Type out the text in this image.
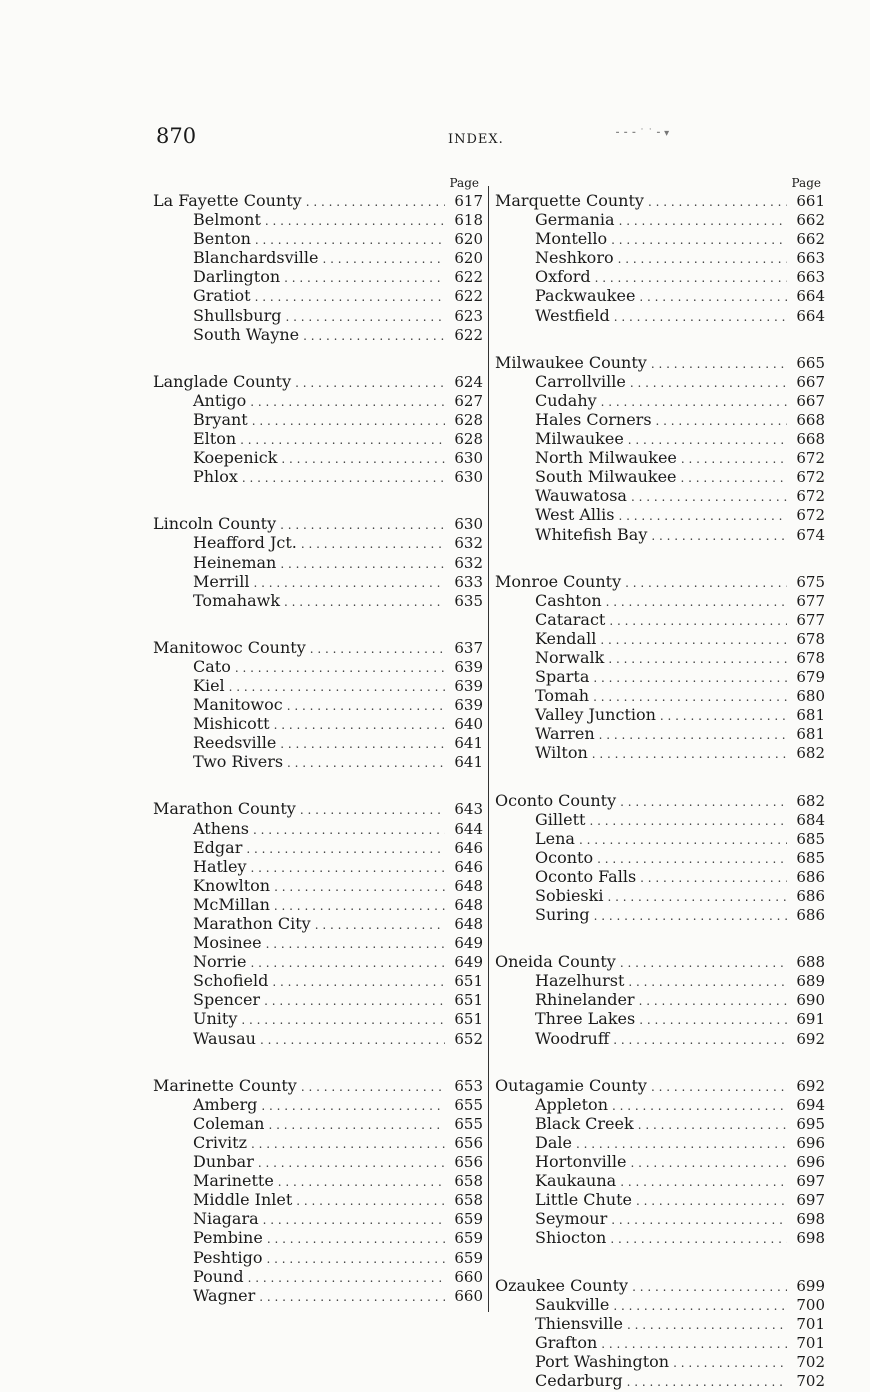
870	INDEX.	⁃ ⁃ ⁃ ˙ ˙ ⁃ ▾
Page
La Fayette County . . .	617
Belmont . . .	618
Benton . . .	620
Blanchardsville . . .	620
Darlington . . .	622
Gratiot . . .	622
Shullsburg . . .	623
South Wayne . . .	622
Langlade County . . .	624
Antigo . . .	627
Bryant . . .	628
Elton . . .	628
Koepenick . . .	630
Phlox . . .	630
Lincoln County . . .	630
Heafford Jct. . . .	632
Heineman . . .	632
Merrill . . .	633
Tomahawk . . .	635
Manitowoc County . . .	637
Cato . . .	639
Kiel . . .	639
Manitowoc . . .	639
Mishicott . . .	640
Reedsville . . .	641
Two Rivers . . .	641
Marathon County . . .	643
Athens . . .	644
Edgar . . .	646
Hatley . . .	646
Knowlton . . .	648
McMillan . . .	648
Marathon City . . .	648
Mosinee . . .	649
Norrie . . .	649
Schofield . . .	651
Spencer . . .	651
Unity . . .	651
Wausau . . .	652
Marinette County . . .	653
Amberg . . .	655
Coleman . . .	655
Crivitz . . .	656
Dunbar . . .	656
Marinette . . .	658
Middle Inlet . . .	658
Niagara . . .	659
Pembine . . .	659
Peshtigo . . .	659
Pound . . .	660
Wagner . . .	660
Page
Marquette County . . .	661
Germania . . .	662
Montello . . .	662
Neshkoro . . .	663
Oxford . . .	663
Packwaukee . . .	664
Westfield . . .	664
Milwaukee County . . .	665
Carrollville . . .	667
Cudahy . . .	667
Hales Corners . . .	668
Milwaukee . . .	668
North Milwaukee . . .	672
South Milwaukee . . .	672
Wauwatosa . . .	672
West Allis . . .	672
Whitefish Bay . . .	674
Monroe County . . .	675
Cashton . . .	677
Cataract . . .	677
Kendall . . .	678
Norwalk . . .	678
Sparta . . .	679
Tomah . . .	680
Valley Junction . . .	681
Warren . . .	681
Wilton . . .	682
Oconto County . . .	682
Gillett . . .	684
Lena . . .	685
Oconto . . .	685
Oconto Falls . . .	686
Sobieski . . .	686
Suring . . .	686
Oneida County . . .	688
Hazelhurst . . .	689
Rhinelander . . .	690
Three Lakes . . .	691
Woodruff . . .	692
Outagamie County . . .	692
Appleton . . .	694
Black Creek . . .	695
Dale . . .	696
Hortonville . . .	696
Kaukauna . . .	697
Little Chute . . .	697
Seymour . . .	698
Shiocton . . .	698
Ozaukee County . . .	699
Saukville . . .	700
Thiensville . . .	701
Grafton . . .	701
Port Washington . . .	702
Cedarburg . . .	702
